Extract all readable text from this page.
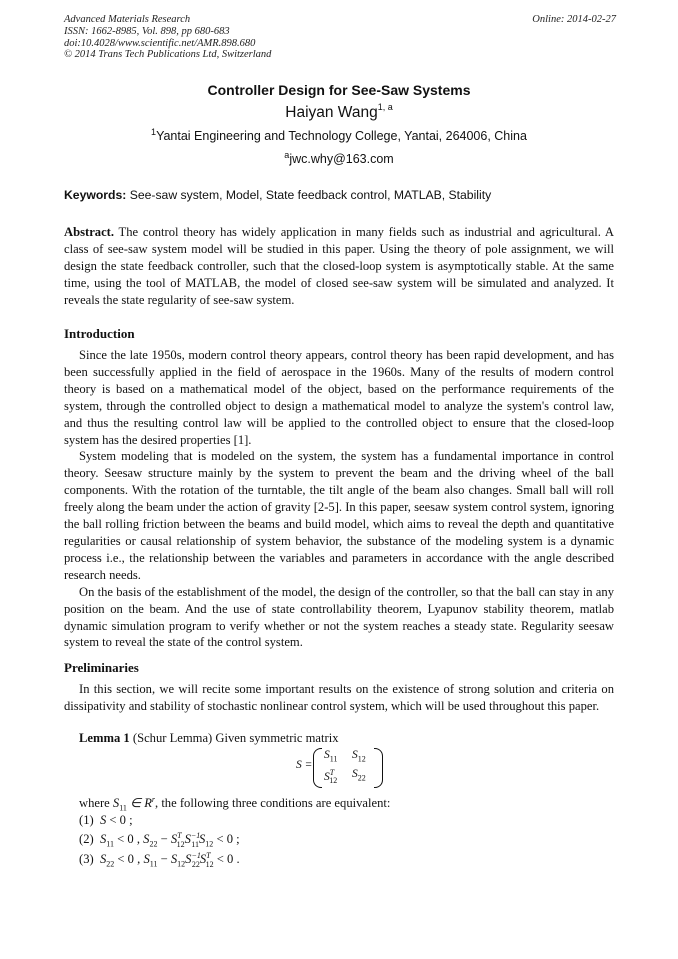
Advanced Materials Research
ISSN: 1662-8985, Vol. 898, pp 680-683
doi:10.4028/www.scientific.net/AMR.898.680
© 2014 Trans Tech Publications Ltd, Switzerland
Online: 2014-02-27
Controller Design for See-Saw Systems
Haiyan Wang$^{1, a}$
$^1$Yantai Engineering and Technology College, Yantai, 264006, China
$^a$jwc.why@163.com
Keywords: See-saw system, Model, State feedback control, MATLAB, Stability
Abstract. The control theory has widely application in many fields such as industrial and agricultural. A class of see-saw system model will be studied in this paper. Using the theory of pole assignment, we will design the state feedback controller, such that the closed-loop system is asymptotically stable. At the same time, using the tool of MATLAB, the model of closed see-saw system will be simulated and analyzed. It reveals the state regularity of see-saw system.
Introduction

Since the late 1950s, modern control theory appears, control theory has been rapid development, and has been successfully applied in the field of aerospace in the 1960s. Many of the results of modern control theory is based on a mathematical model of the object, based on the performance requirements of the system, through the controlled object to design a mathematical model to analyze the system's control law, and thus the resulting control law will be applied to the controlled object to ensure that the closed-loop system has the desired properties [1].

System modeling that is modeled on the system, the system has a fundamental importance in control theory. Seesaw structure mainly by the system to prevent the beam and the driving wheel of the ball components. With the rotation of the turntable, the tilt angle of the beam also changes. Small ball will roll freely along the beam under the action of gravity [2-5]. In this paper, seesaw system control system, ignoring the ball rolling friction between the beams and build model, which aims to reveal the depth and quantitative regularities or causal relationship of system behavior, the substance of the modeling system is a dynamic process i.e., the relationship between the variables and parameters in accordance with the angle described research needs.

On the basis of the establishment of the model, the design of the controller, so that the ball can stay in any position on the beam. And the use of state controllability theorem, Lyapunov stability theorem, matlab dynamic simulation program to verify whether or not the system reaches a steady state. Regularity seesaw system to reveal the state of the control system.

Preliminaries

In this section, we will recite some important results on the existence of strong solution and criteria on dissipativity and stability of stochastic nonlinear control system, which will be used throughout this paper.

Lemma 1 (Schur Lemma) Given symmetric matrix
S =
$S_{11}$ $S_{12}$
$S^T_{12}$
$S_{22}$
where $S_{11}$ ∈ $R^r$, the following three conditions are equivalent:
(1) S < 0 ;
(2) $S_{11} < 0$ , $S_{22} - S^T_{12}S^{-1}_{11}S_{12} < 0$ ;
(3) $S_{22} < 0$ , $S_{11} - S_{12}S^{-1}_{22}S^T_{12} < 0$ .
